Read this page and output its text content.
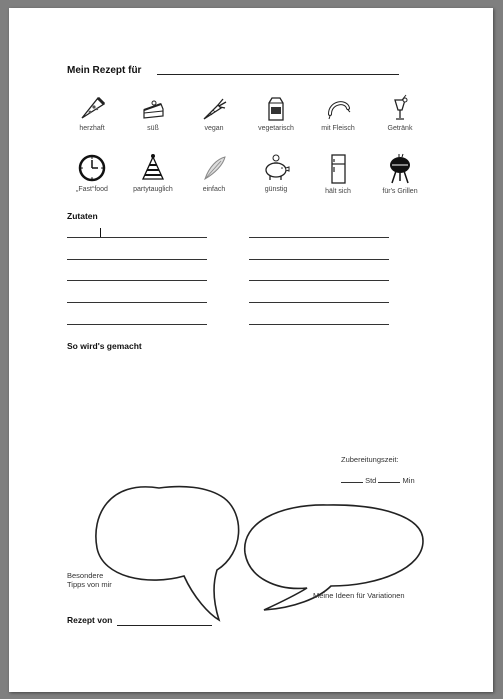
Mein Rezept für
herzhaft	süß	vegan	vegetarisch	mit Fleisch	Getränk
„Fast“food	partytauglich	einfach	günstig	hält sich	für's Grillen
Zutaten
So wird's gemacht
Zubereitungszeit:
Std	Min
Besondere
Tipps von mir
Meine Ideen für Variationen
Rezept von
